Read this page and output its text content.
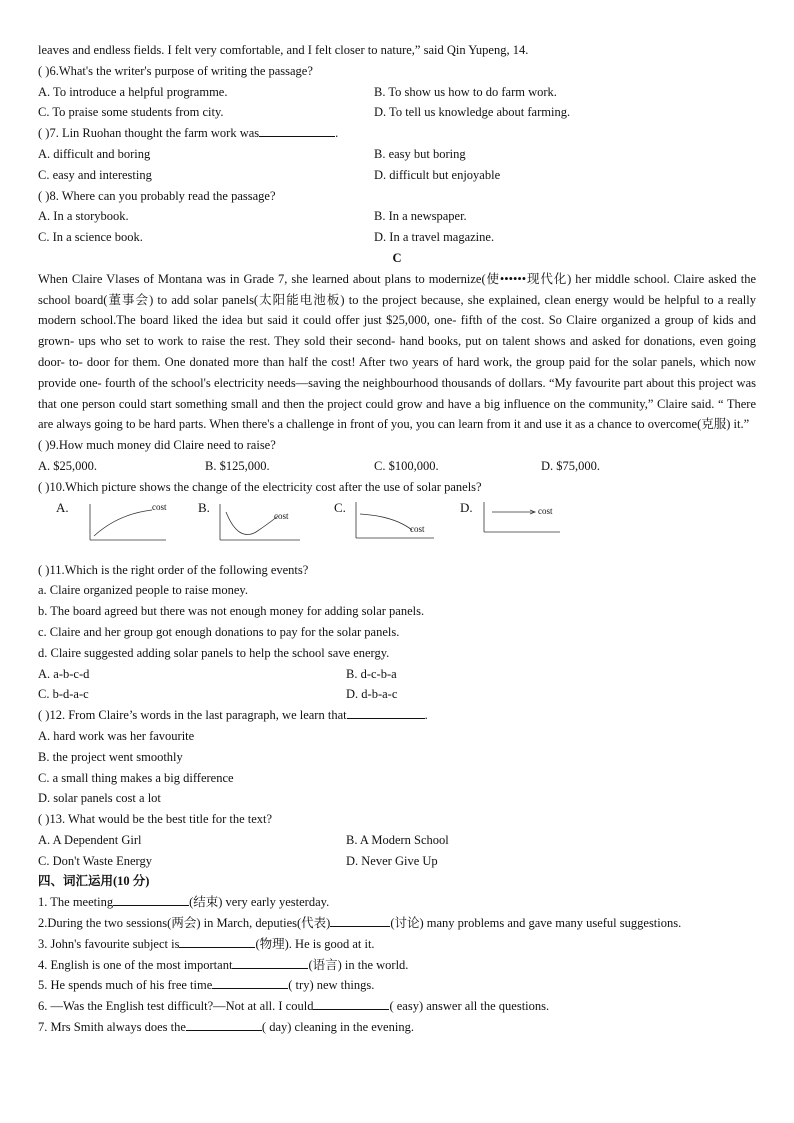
leaves and endless fields. I felt very comfortable, and I felt closer to nature,” said Qin Yupeng, 14.
( )6.What's the writer's purpose of writing the passage?
A. To introduce a helpful programme.	B. To show us how to do farm work.
C. To praise some students from city.	D. To tell us knowledge about farming.
( )7. Lin Ruohan thought the farm work was	.
A. difficult and boring	B. easy but boring
C. easy and interesting	D. difficult but enjoyable
( )8. Where can you probably read the passage?
A. In a storybook.	B. In a newspaper.
C. In a science book.	D. In a travel magazine.
C
When Claire Vlases of Montana was in Grade 7, she learned about plans to modernize(使••••••现代化) her middle school. Claire asked the school board(董事会) to add solar panels(太阳能电池板) to the project because, she explained, clean energy would be helpful to a really modern school.The board liked the idea but said it could offer just $25,000, one- fifth of the cost. So Claire organized a group of kids and grown- ups who set to work to raise the rest. They sold their second- hand books, put on talent shows and asked for donations, even going door- to- door for them. One donated more than half the cost! After two years of hard work, the group paid for the solar panels, which now provide one- fourth of the school's electricity needs—saving the neighbourhood thousands of dollars. “My favourite part about this project was that one person could start something small and then the project could grow and have a big influence on the community,” Claire said. “ There are always going to be hard parts. When there's a challenge in front of you, you can learn from it and use it as a chance to overcome(克服) it.”
( )9.How much money did Claire need to raise?
A. $25,000.	B. $125,000.	C. $100,000.	D. $75,000.
( )10.Which picture shows the change of the electricity cost after the use of solar panels?
A.	cost B.
cost
C.
cost
D.	cost
( )11.Which is the right order of the following events?
a. Claire organized people to raise money.
b. The board agreed but there was not enough money for adding solar panels.
c. Claire and her group got enough donations to pay for the solar panels.
d. Claire suggested adding solar panels to help the school save energy.
A. a-b-c-d	B. d-c-b-a
C. b-d-a-c	D. d-b-a-c
( )12. From Claire’s words in the last paragraph, we learn that	.
A. hard work was her favourite
B. the project went smoothly
C. a small thing makes a big difference
D. solar panels cost a lot
( )13. What would be the best title for the text?
A. A Dependent Girl	B. A Modern School
C. Don't Waste Energy	D. Never Give Up
四、词汇运用(10 分)
1. The meeting	(结束) very early yesterday.
2.During the two sessions(两会) in March, deputies(代表)	(讨论) many problems and gave many useful suggestions.
3. John's favourite subject is	(物理). He is good at it.
4. English is one of the most important	(语言) in the world.
5. He spends much of his free time	( try) new things.
6. —Was the English test difficult?—Not at all. I could	( easy) answer all the questions.
7. Mrs Smith always does the	( day) cleaning in the evening.
